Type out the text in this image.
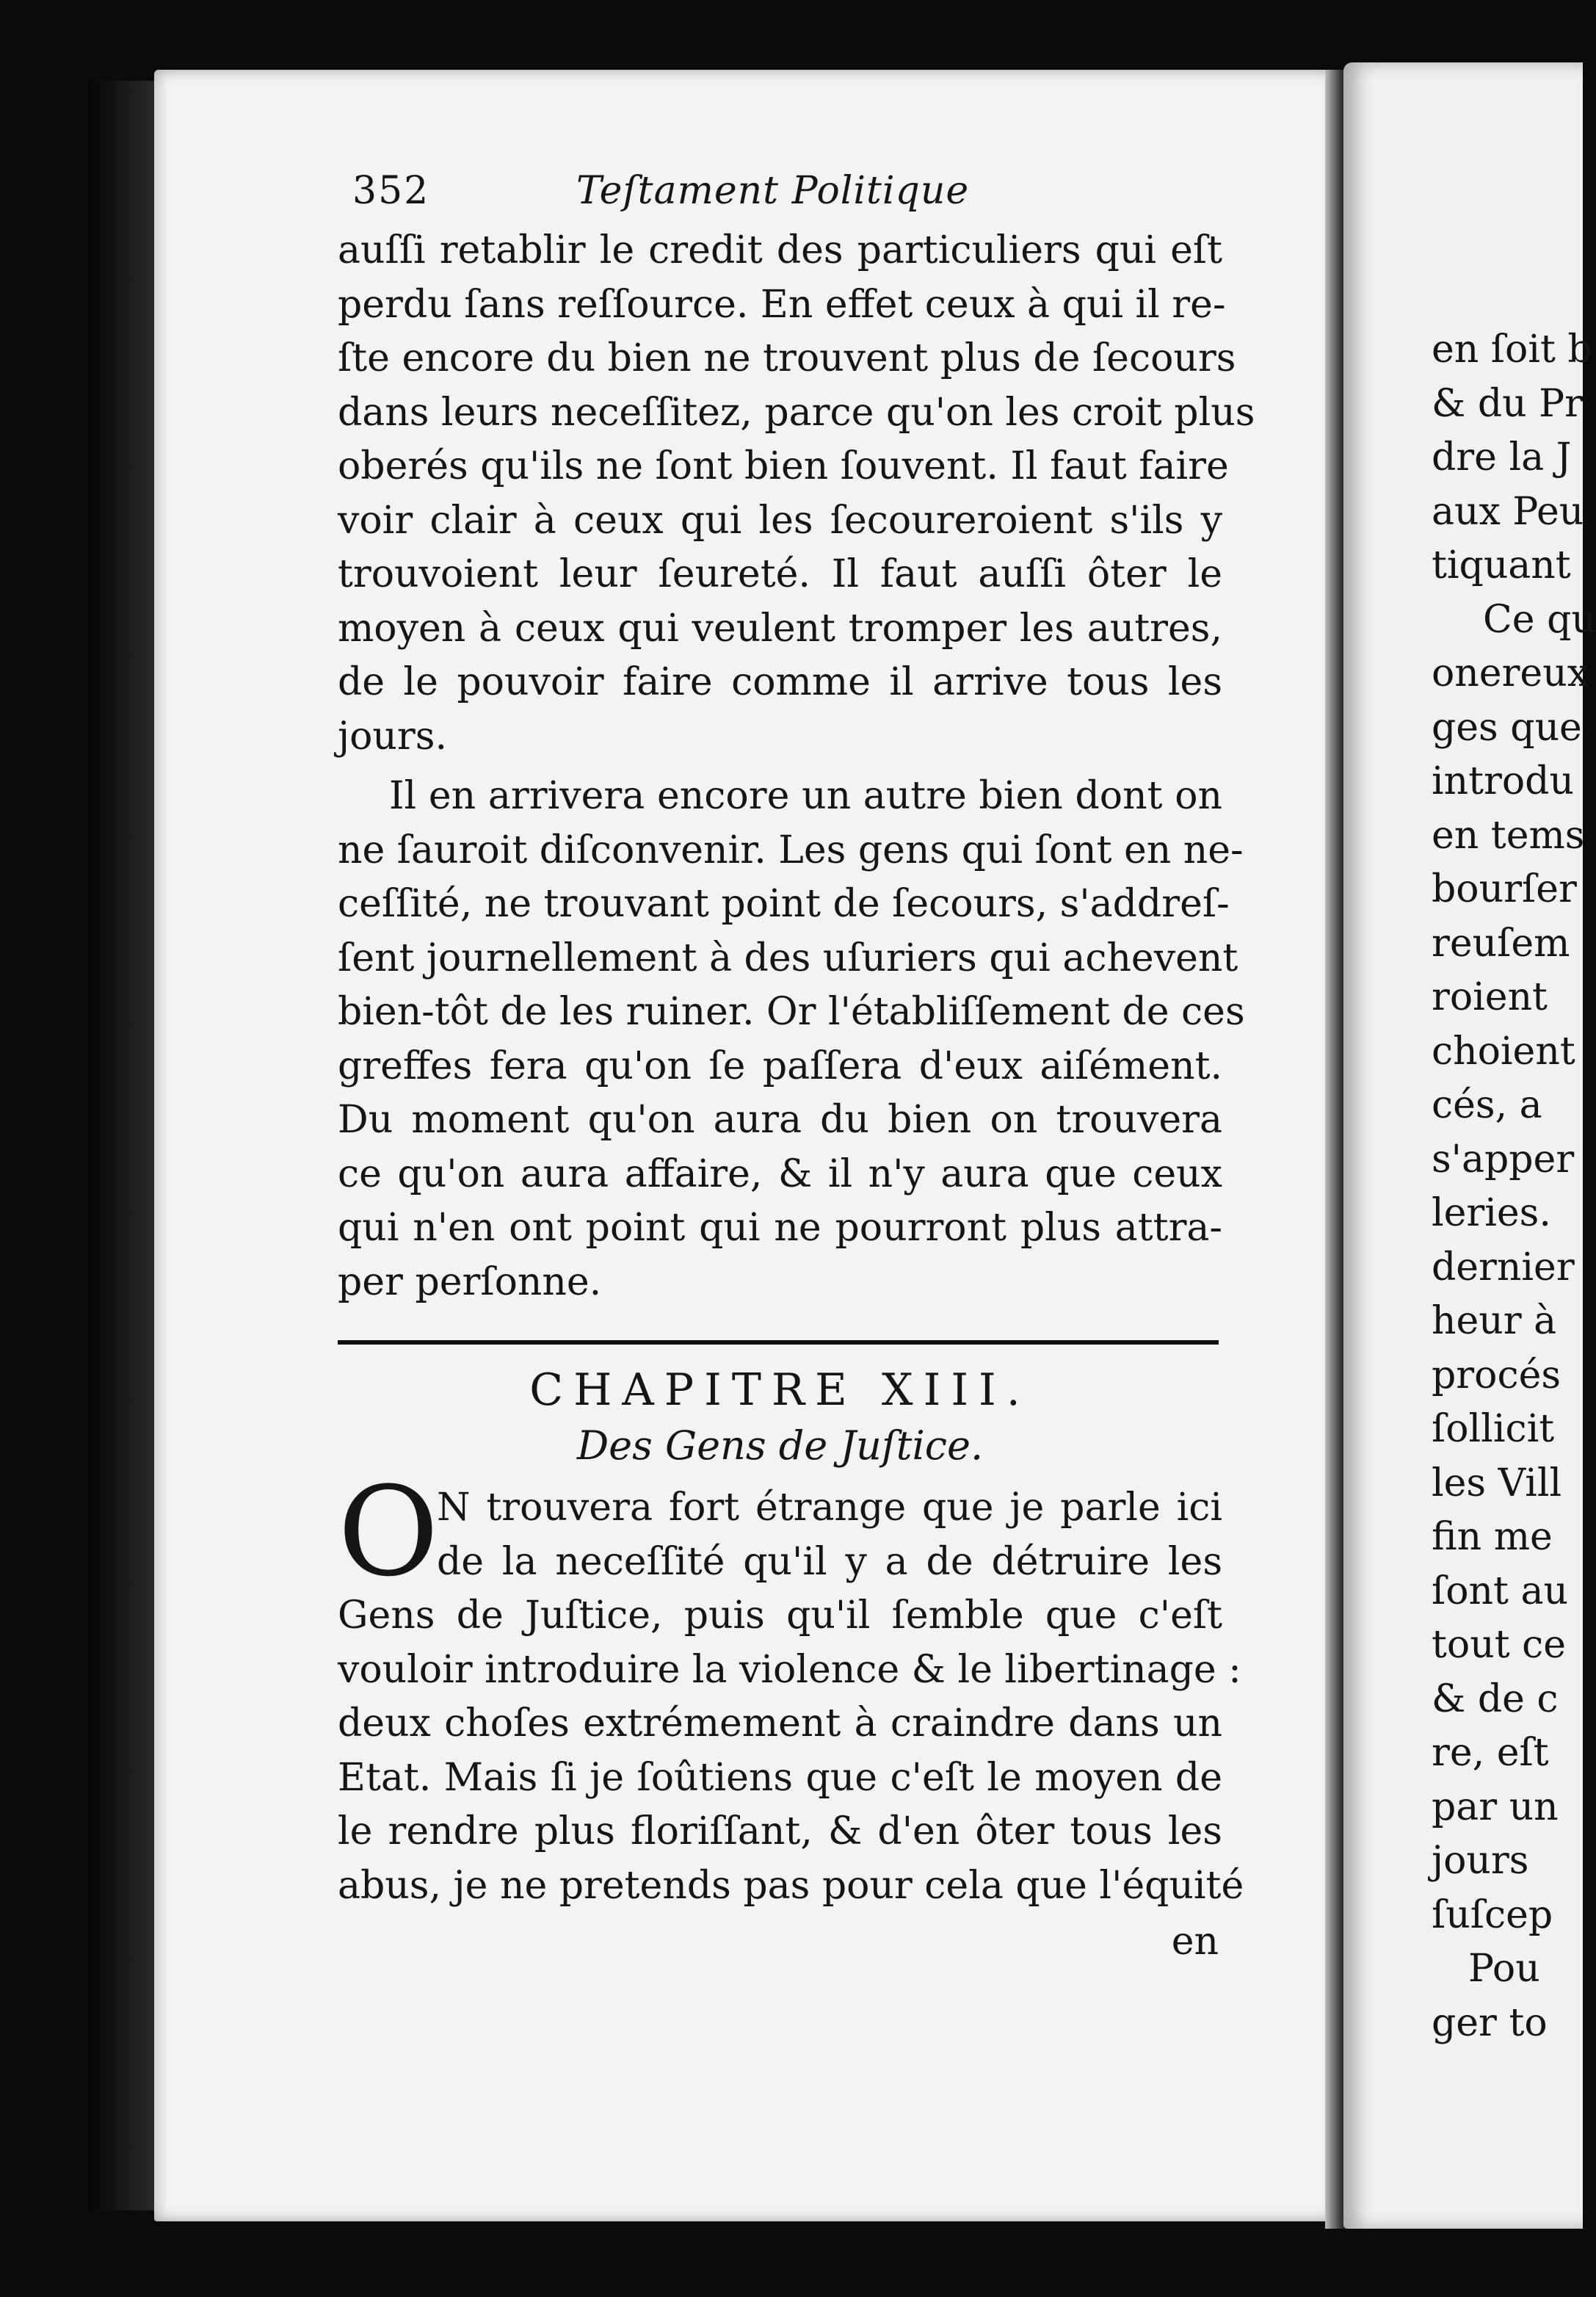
en ſoit b
& du Pr
dre la J
aux Peu
tiquant
Ce qu
onereux
ges que
introdu
en tems
bourſer
reuſem
roient
choient
cés, a
s'apper
leries.
dernier
heur à
procés
ſollicit
les Vill
fin me
ſont au
tout ce
& de c
re, eſt
par un
jours
ſuſcep
Pou
ger to
352	Teſtament Politique
auſſi retablir le credit des particuliers qui eſt
perdu ſans reſſource. En effet ceux à qui il re-
ſte encore du bien ne trouvent plus de ſecours
dans leurs neceſſitez, parce qu'on les croit plus
oberés qu'ils ne ſont bien ſouvent. Il faut faire
voir clair à ceux qui les ſecoureroient s'ils y
trouvoient leur ſeureté. Il faut auſſi ôter le
moyen à ceux qui veulent tromper les autres,
de le pouvoir faire comme il arrive tous les
jours.
Il en arrivera encore un autre bien dont on
ne ſauroit diſconvenir. Les gens qui ſont en ne-
ceſſité, ne trouvant point de ſecours, s'addreſ-
ſent journellement à des uſuriers qui achevent
bien-tôt de les ruiner. Or l'établiſſement de ces
greffes fera qu'on ſe paſſera d'eux aiſément.
Du moment qu'on aura du bien on trouvera
ce qu'on aura affaire, & il n'y aura que ceux
qui n'en ont point qui ne pourront plus attra-
per perſonne.
CHAPITRE XIII.
Des Gens de Juſtice.
O
N trouvera fort étrange que je parle ici
de la neceſſité qu'il y a de détruire les
Gens de Juſtice, puis qu'il ſemble que c'eſt
vouloir introduire la violence & le libertinage :
deux choſes extrémement à craindre dans un
Etat. Mais ſi je ſoûtiens que c'eſt le moyen de
le rendre plus floriſſant, & d'en ôter tous les
abus, je ne pretends pas pour cela que l'équité
en
